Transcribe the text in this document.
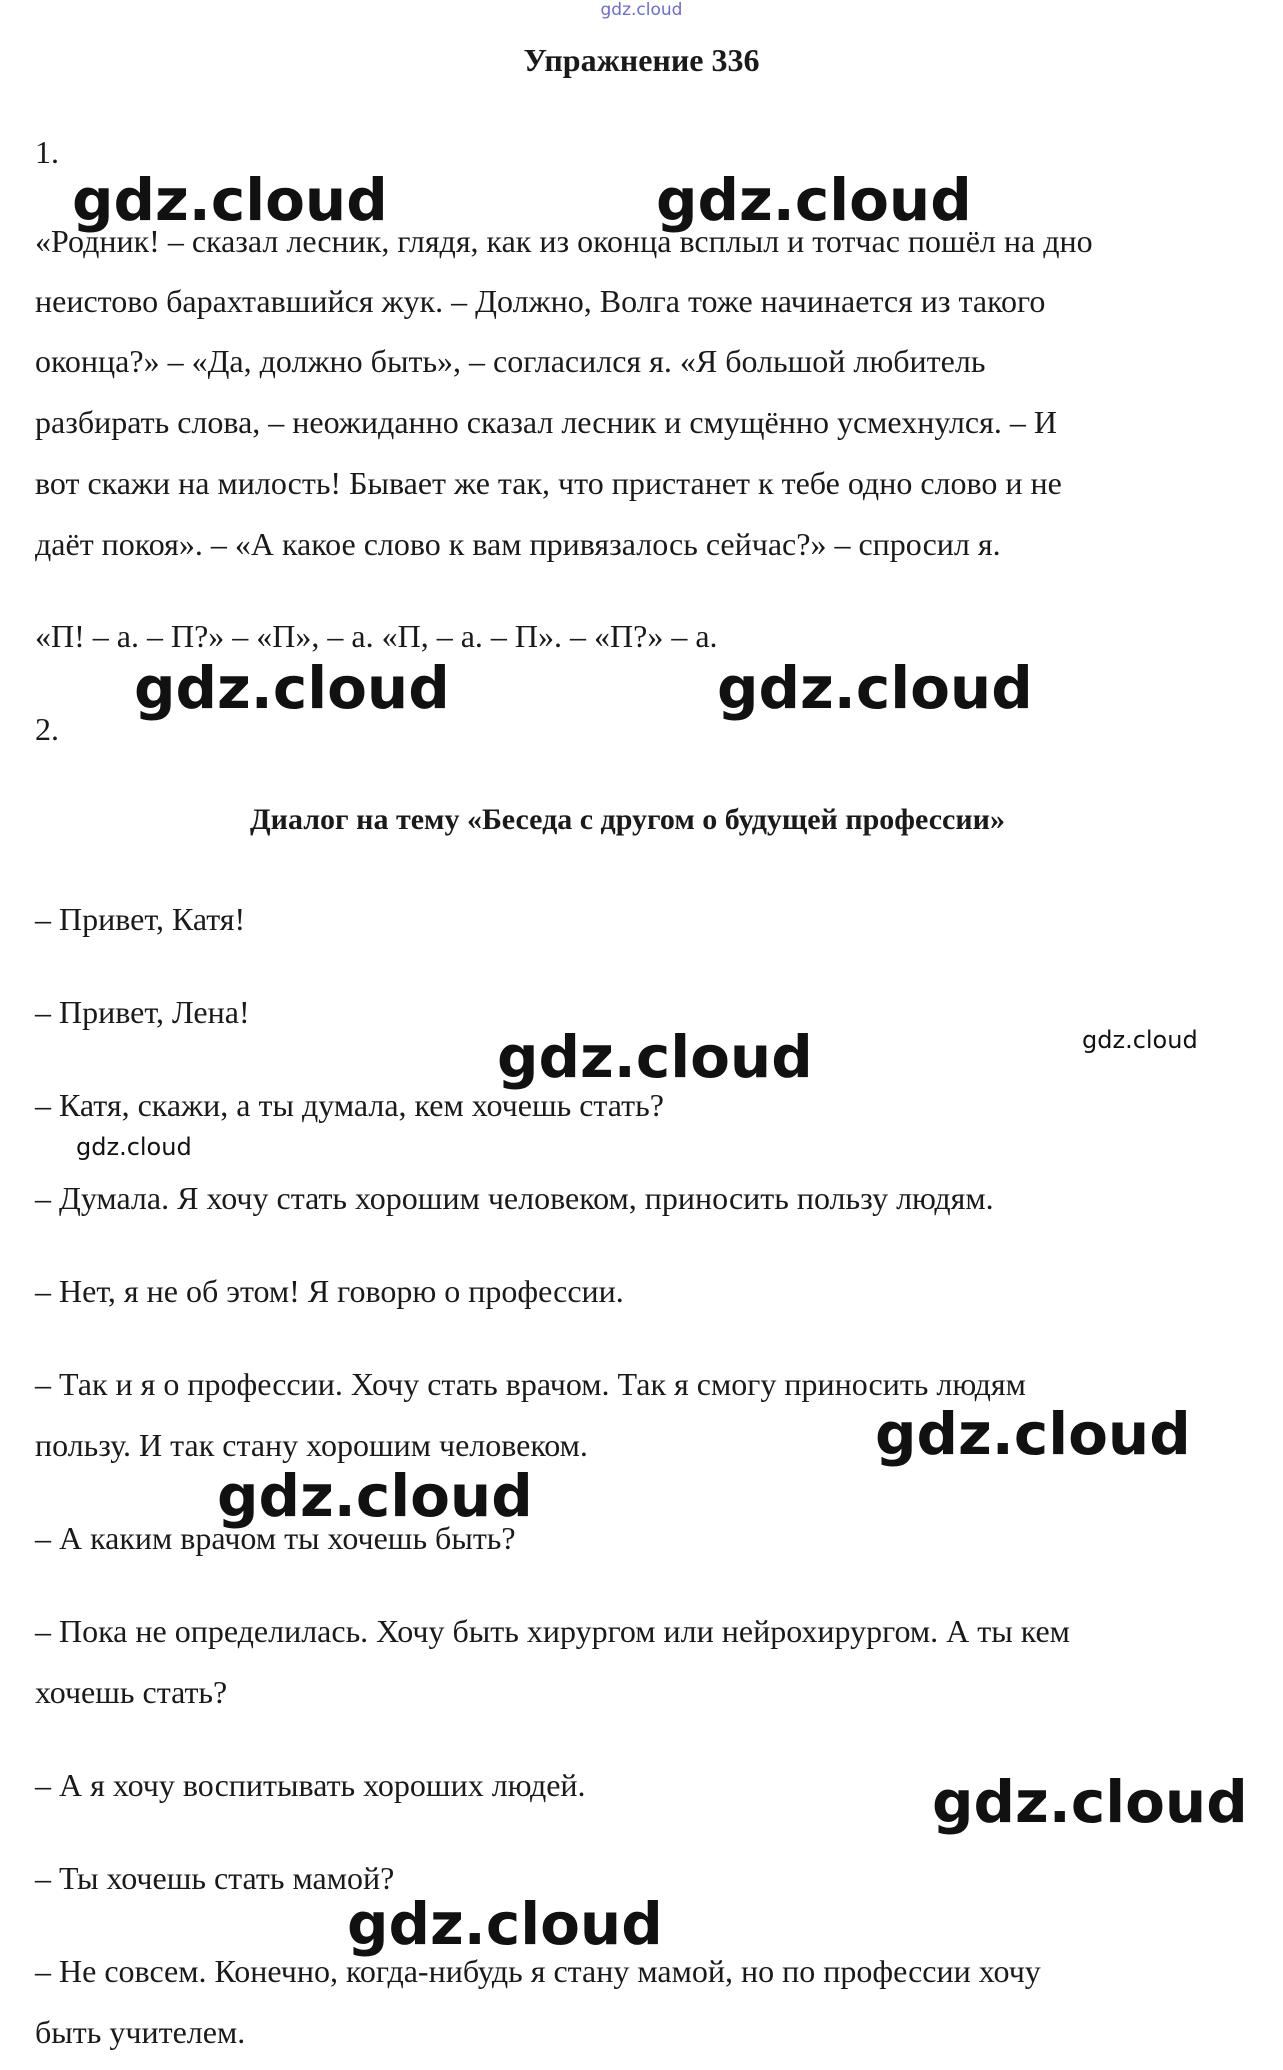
gdz.cloud
Упражнение 336
1.
«Родник! – сказал лесник, глядя, как из оконца всплыл и тотчас пошёл на дно
неистово барахтавшийся жук. – Должно, Волга тоже начинается из такого
оконца?» – «Да, должно быть», – согласился я. «Я большой любитель
разбирать слова, – неожиданно сказал лесник и смущённо усмехнулся. – И
вот скажи на милость! Бывает же так, что пристанет к тебе одно слово и не
даёт покоя». – «А какое слово к вам привязалось сейчас?» – спросил я.
«П! – а. – П?» – «П», – а. «П, – а. – П». – «П?» – а.
2.
Диалог на тему «Беседа с другом о будущей профессии»
– Привет, Катя!
– Привет, Лена!
– Катя, скажи, а ты думала, кем хочешь стать?
– Думала. Я хочу стать хорошим человеком, приносить пользу людям.
– Нет, я не об этом! Я говорю о профессии.
– Так и я о профессии. Хочу стать врачом. Так я смогу приносить людям
пользу. И так стану хорошим человеком.
– А каким врачом ты хочешь быть?
– Пока не определилась. Хочу быть хирургом или нейрохирургом. А ты кем
хочешь стать?
– А я хочу воспитывать хороших людей.
– Ты хочешь стать мамой?
– Не совсем. Конечно, когда-нибудь я стану мамой, но по профессии хочу
быть учителем.
gdz.cloud	gdz.cloud
gdz.cloud	gdz.cloud
gdz.cloud
gdz.cloud
gdz.cloud
gdz.cloud
gdz.cloud
gdz.cloud
gdz.cloud
